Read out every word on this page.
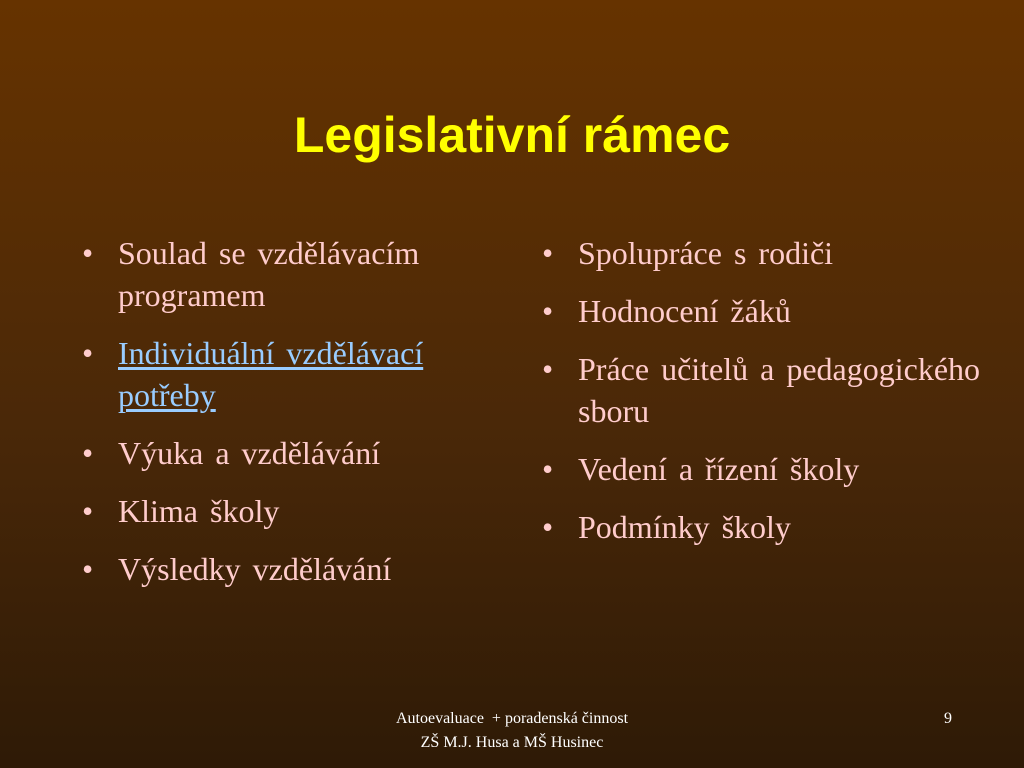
Legislativní rámec
• Soulad se vzdělávacím programem
• Individuální vzdělávací potřeby
• Výuka a vzdělávání
• Klima školy
• Výsledky vzdělávání
• Spolupráce s rodiči
• Hodnocení žáků
• Práce učitelů a pedagogického sboru
• Vedení a řízení školy
• Podmínky školy
Autoevaluace  + poradenská činnost
ZŠ M.J. Husa a MŠ Husinec
9
